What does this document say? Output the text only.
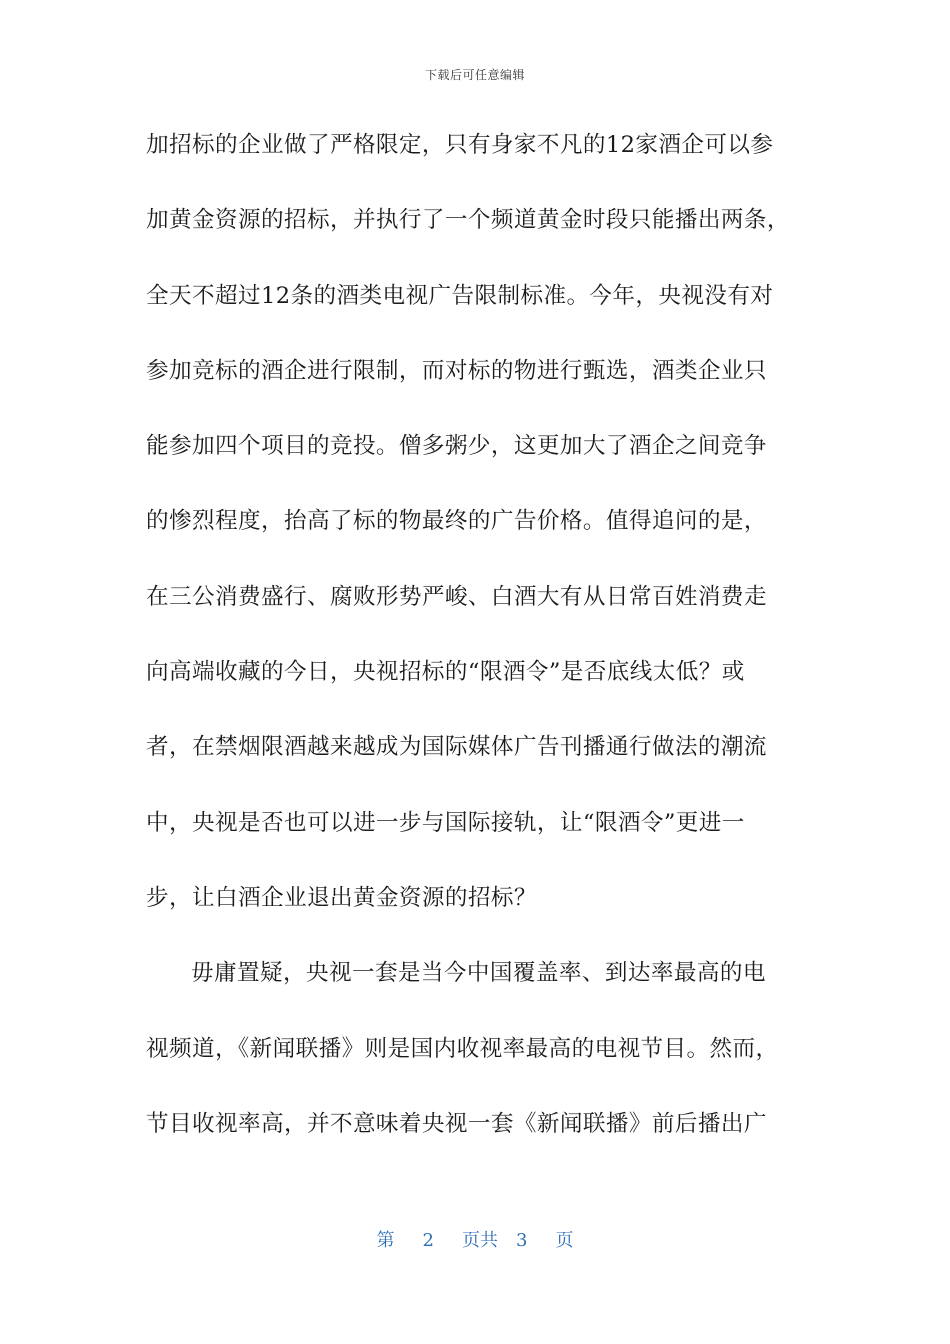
下载后可任意编辑
加招标的企业做了严格限定，只有身家不凡的12家酒企可以参
加黄金资源的招标，并执行了一个频道黄金时段只能播出两条，
全天不超过12条的酒类电视广告限制标准。今年，央视没有对
参加竞标的酒企进行限制，而对标的物进行甄选，酒类企业只
能参加四个项目的竞投。僧多粥少，这更加大了酒企之间竞争
的惨烈程度，抬高了标的物最终的广告价格。值得追问的是，
在三公消费盛行、腐败形势严峻、白酒大有从日常百姓消费走
向高端收藏的今日，央视招标的“限酒令”是否底线太低？或
者，在禁烟限酒越来越成为国际媒体广告刊播通行做法的潮流
中，央视是否也可以进一步与国际接轨，让“限酒令”更进一
步，让白酒企业退出黄金资源的招标？
毋庸置疑，央视一套是当今中国覆盖率、到达率最高的电
视频道，《新闻联播》则是国内收视率最高的电视节目。然而，
节目收视率高，并不意味着央视一套《新闻联播》前后播出广
第 2 页共 3 页
